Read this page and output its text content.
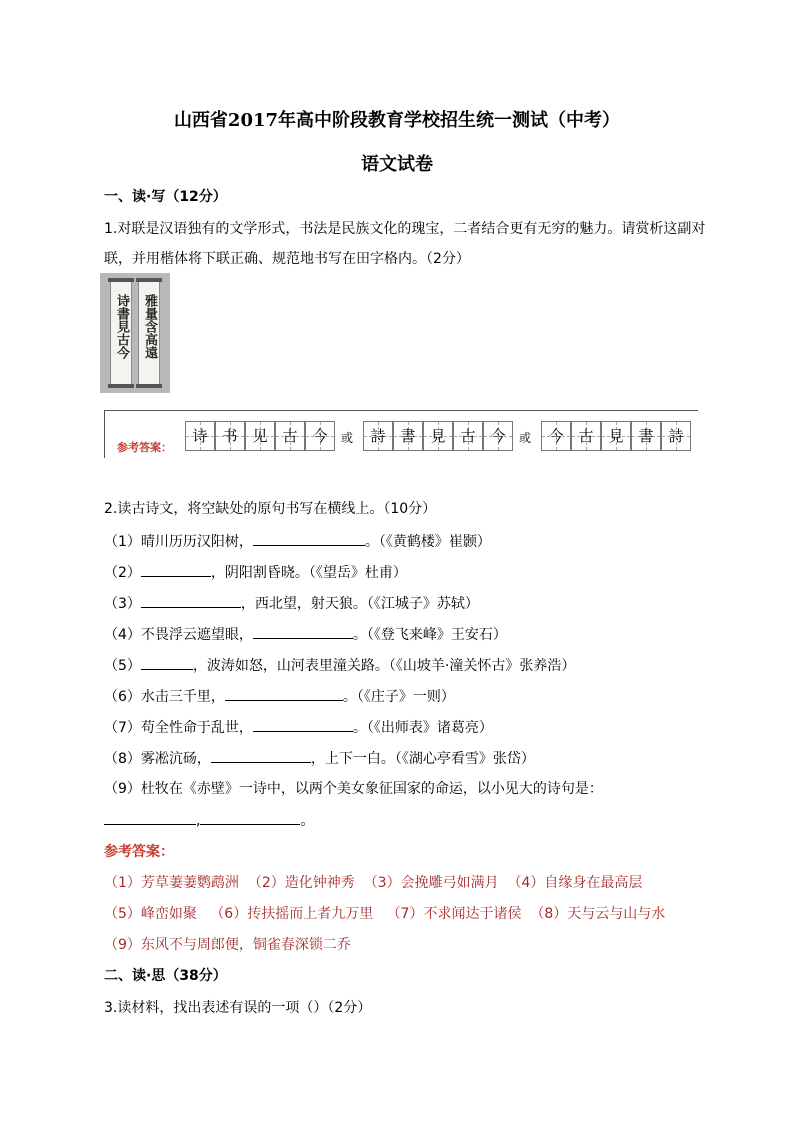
山西省2017年高中阶段教育学校招生统一测试（中考）
语文试卷
一、读·写（12分）
1.对联是汉语独有的文学形式，书法是民族文化的瑰宝，二者结合更有无穷的魅力。请赏析这副对
联，并用楷体将下联正确、规范地书写在田字格内。（2分）
诗書見古今 雅量含高遠
参考答案：
诗 书 见 古 今	或	詩 書 見 古 今	或	今 古 見 書 詩
2.读古诗文，将空缺处的原句书写在横线上。（10分）
（1）晴川历历汉阳树，	。（《黄鹤楼》崔颢）
（2）	，阴阳割昏晓。（《望岳》杜甫）
（3）	，西北望，射天狼。（《江城子》苏轼）
（4）不畏浮云遮望眼，	。（《登飞来峰》王安石）
（5）	，波涛如怒，山河表里潼关路。（《山坡羊·潼关怀古》张养浩）
（6）水击三千里，	。（《庄子》一则）
（7）苟全性命于乱世，	。（《出师表》诸葛亮）
（8）雾凇沆砀，	，上下一白。（《湖心亭看雪》张岱）
（9）杜牧在《赤壁》一诗中，以两个美女象征国家的命运，以小见大的诗句是：
,	。
参考答案：
（1）芳草萋萋鹦鹉洲 （2）造化钟神秀 （3）会挽雕弓如满月 （4）自缘身在最高层
（5）峰峦如聚 （6）抟扶摇而上者九万里 （7）不求闻达于诸侯 （8）天与云与山与水
（9）东风不与周郎便，铜雀春深锁二乔
二、读·思（38分）
3.读材料，找出表述有误的一项（）（2分）
